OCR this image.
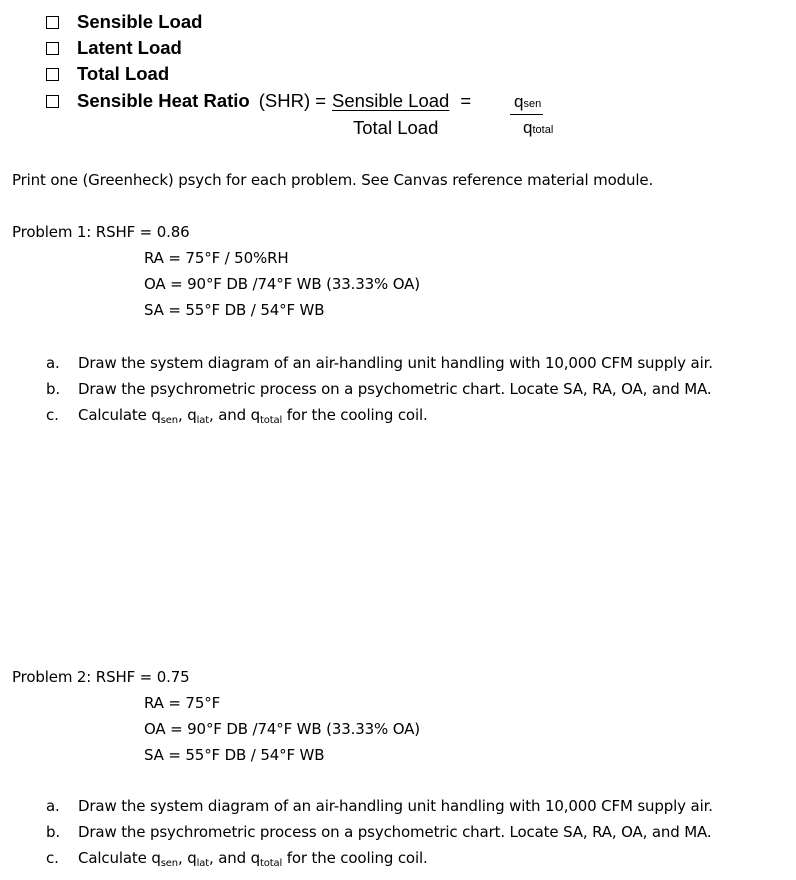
Sensible Load
Latent Load
Total Load
Sensible Heat Ratio (SHR) = Sensible Load =	qsen
Total Load	qtotal
Print one (Greenheck) psych for each problem. See Canvas reference material module.
Problem 1: RSHF = 0.86
RA = 75°F / 50%RH
OA = 90°F DB /74°F WB (33.33% OA)
SA = 55°F DB / 54°F WB
a. Draw the system diagram of an air-handling unit handling with 10,000 CFM supply air.
b. Draw the psychrometric process on a psychometric chart. Locate SA, RA, OA, and MA.
c. Calculate $q_{sen}$, $q_{lat}$, and $q_{total}$ for the cooling coil.
Problem 2: RSHF = 0.75
RA = 75°F
OA = 90°F DB /74°F WB (33.33% OA)
SA = 55°F DB / 54°F WB
a. Draw the system diagram of an air-handling unit handling with 10,000 CFM supply air.
b. Draw the psychrometric process on a psychometric chart. Locate SA, RA, OA, and MA.
c. Calculate $q_{sen}$, $q_{lat}$, and $q_{total}$ for the cooling coil.
